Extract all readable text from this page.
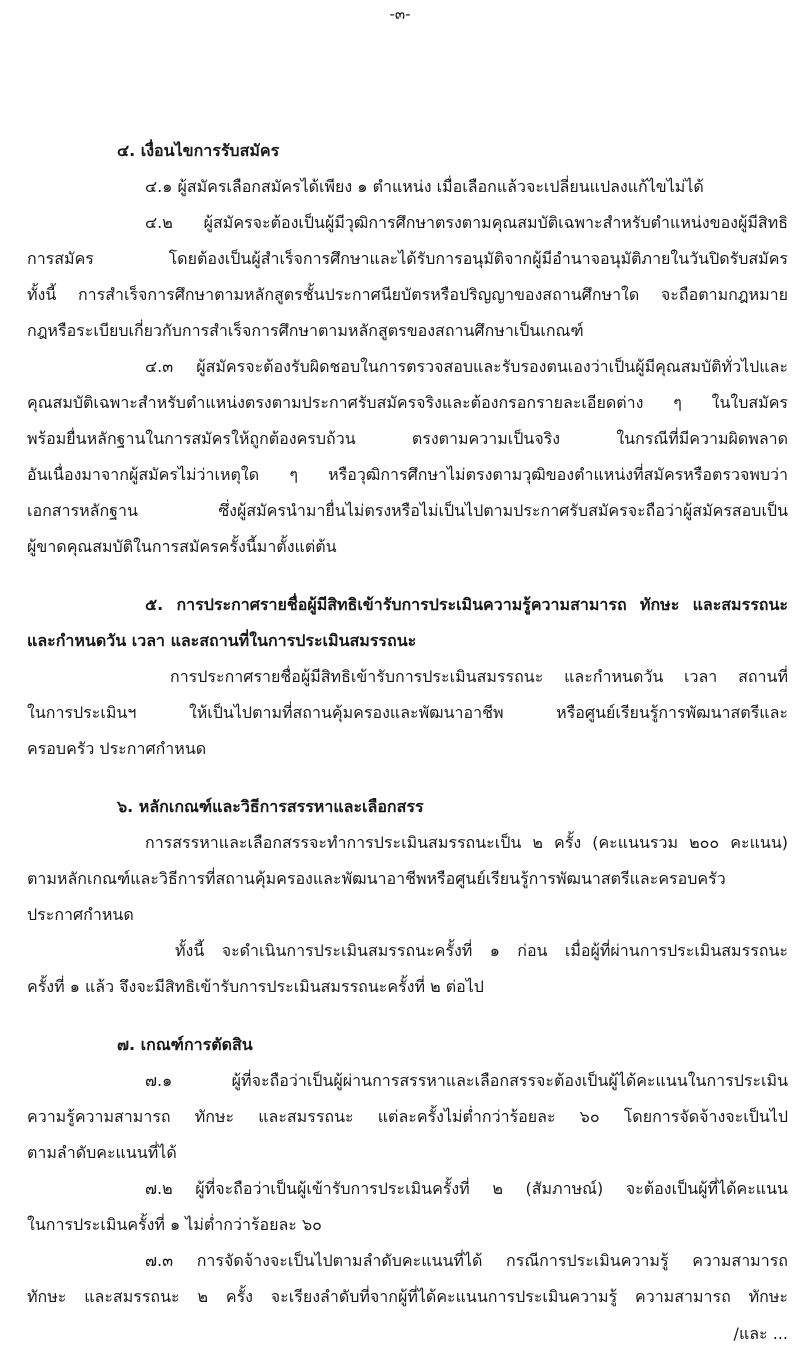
-๓-
๔. เงื่อนไขการรับสมัคร
๔.๑ ผู้สมัครเลือกสมัครได้เพียง ๑ ตำแหน่ง เมื่อเลือกแล้วจะเปลี่ยนแปลงแก้ไขไม่ได้
๔.๒ ผู้สมัครจะต้องเป็นผู้มีวุฒิการศึกษาตรงตามคุณสมบัติเฉพาะสำหรับตำแหน่งของผู้มีสิทธิ
การสมัคร โดยต้องเป็นผู้สำเร็จการศึกษาและได้รับการอนุมัติจากผู้มีอำนาจอนุมัติภายในวันปิดรับสมัคร
ทั้งนี้ การสำเร็จการศึกษาตามหลักสูตรชั้นประกาศนียบัตรหรือปริญญาของสถานศึกษาใด จะถือตามกฎหมาย
กฎหรือระเบียบเกี่ยวกับการสำเร็จการศึกษาตามหลักสูตรของสถานศึกษาเป็นเกณฑ์
๔.๓ ผู้สมัครจะต้องรับผิดชอบในการตรวจสอบและรับรองตนเองว่าเป็นผู้มีคุณสมบัติทั่วไปและ
คุณสมบัติเฉพาะสำหรับตำแหน่งตรงตามประกาศรับสมัครจริงและต้องกรอกรายละเอียดต่าง ๆ ในใบสมัคร
พร้อมยื่นหลักฐานในการสมัครให้ถูกต้องครบถ้วน ตรงตามความเป็นจริง ในกรณีที่มีความผิดพลาด
อันเนื่องมาจากผู้สมัครไม่ว่าเหตุใด ๆ หรือวุฒิการศึกษาไม่ตรงตามวุฒิของตำแหน่งที่สมัครหรือตรวจพบว่า
เอกสารหลักฐาน ซึ่งผู้สมัครนำมายื่นไม่ตรงหรือไม่เป็นไปตามประกาศรับสมัครจะถือว่าผู้สมัครสอบเป็น
ผู้ขาดคุณสมบัติในการสมัครครั้งนี้มาตั้งแต่ต้น
๕. การประกาศรายชื่อผู้มีสิทธิเข้ารับการประเมินความรู้ความสามารถ ทักษะ และสมรรถนะ
และกำหนดวัน เวลา และสถานที่ในการประเมินสมรรถนะ
การประกาศรายชื่อผู้มีสิทธิเข้ารับการประเมินสมรรถนะ และกำหนดวัน เวลา สถานที่
ในการประเมินฯ ให้เป็นไปตามที่สถานคุ้มครองและพัฒนาอาชีพ หรือศูนย์เรียนรู้การพัฒนาสตรีและ
ครอบครัว ประกาศกำหนด
๖. หลักเกณฑ์และวิธีการสรรหาและเลือกสรร
การสรรหาและเลือกสรรจะทำการประเมินสมรรถนะเป็น ๒ ครั้ง (คะแนนรวม ๒๐๐ คะแนน)
ตามหลักเกณฑ์และวิธีการที่สถานคุ้มครองและพัฒนาอาชีพหรือศูนย์เรียนรู้การพัฒนาสตรีและครอบครัว
ประกาศกำหนด
ทั้งนี้ จะดำเนินการประเมินสมรรถนะครั้งที่ ๑ ก่อน เมื่อผู้ที่ผ่านการประเมินสมรรถนะ
ครั้งที่ ๑ แล้ว จึงจะมีสิทธิเข้ารับการประเมินสมรรถนะครั้งที่ ๒ ต่อไป
๗. เกณฑ์การตัดสิน
๗.๑ ผู้ที่จะถือว่าเป็นผู้ผ่านการสรรหาและเลือกสรรจะต้องเป็นผู้ได้คะแนนในการประเมิน
ความรู้ความสามารถ ทักษะ และสมรรถนะ แต่ละครั้งไม่ต่ำกว่าร้อยละ ๖๐ โดยการจัดจ้างจะเป็นไป
ตามลำดับคะแนนที่ได้
๗.๒ ผู้ที่จะถือว่าเป็นผู้เข้ารับการประเมินครั้งที่ ๒ (สัมภาษณ์) จะต้องเป็นผู้ที่ได้คะแนน
ในการประเมินครั้งที่ ๑ ไม่ต่ำกว่าร้อยละ ๖๐
๗.๓ การจัดจ้างจะเป็นไปตามลำดับคะแนนที่ได้ กรณีการประเมินความรู้ ความสามารถ
ทักษะ และสมรรถนะ ๒ ครั้ง จะเรียงลำดับที่จากผู้ที่ได้คะแนนการประเมินความรู้ ความสามารถ ทักษะ
/และ ...
